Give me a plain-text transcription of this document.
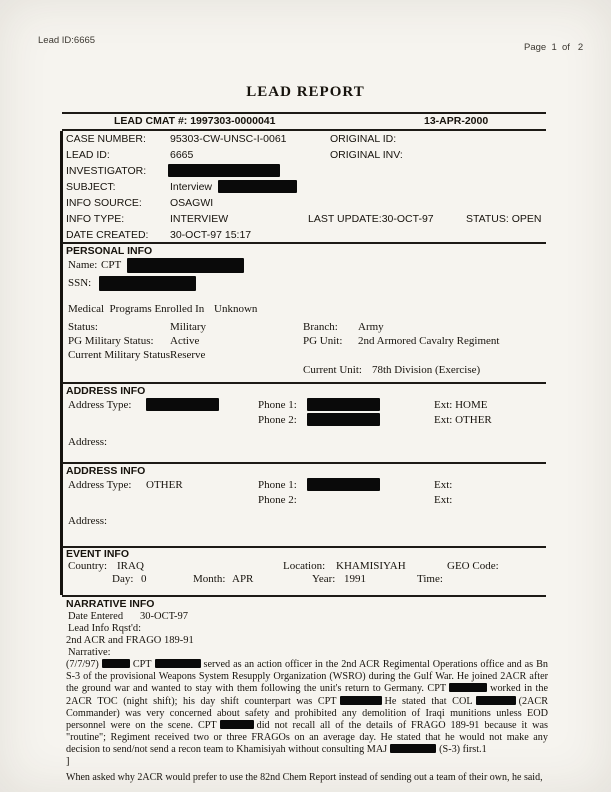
Lead ID:6665
Page  1  of   2
LEAD REPORT
LEAD CMAT #: 1997303-0000041	13-APR-2000
CASE NUMBER: 95303-CW-UNSC-I-0061	ORIGINAL ID:
LEAD ID:	6665	ORIGINAL INV:
INVESTIGATOR:
SUBJECT:	Interview
INFO SOURCE:	OSAGWI
INFO TYPE:	INTERVIEW	LAST UPDATE:30-OCT-97	STATUS: OPEN
DATE CREATED: 30-OCT-97 15:17
PERSONAL INFO
Name: CPT
SSN:
Medical  Programs Enrolled In Unknown
Status:	Military	Branch: Army
PG Military Status: Active	PG Unit: 2nd Armored Cavalry Regiment
Current Military Status Reserve
Current Unit: 78th Division (Exercise)
ADDRESS INFO
Address Type:	Phone 1:	Ext: HOME
Phone 2:	Ext: OTHER
Address:
ADDRESS INFO
Address Type: OTHER	Phone 1:	Ext:
Phone 2:	Ext:
Address:
EVENT INFO
Country: IRAQ	Location: KHAMISIYAH	GEO Code:
Day: 0	Month: APR	Year: 1991	Time:
NARRATIVE INFO
Date Entered 30-OCT-97
Lead Info Rqst'd:
2nd ACR and FRAGO 189-91
Narrative:
(7/7/97)	CPT	served as an action officer in the 2nd ACR Regimental Operations office and as Bn S-3 of the provisional Weapons System Resupply Organization (WSRO) during the Gulf War. He joined 2ACR after the ground war and wanted to stay with them following the unit's return to Germany. CPT	worked in the 2ACR TOC (night shift); his day shift counterpart was CPT	He stated that COL	(2ACR Commander) was very concerned about safety and prohibited any demolition of Iraqi munitions unless EOD personnel were on the scene. CPT	did not recall all of the details of FRAGO 189-91 because it was "routine"; Regiment received two or three FRAGOs on an average day. He stated that he would not make any decision to send/not send a recon team to Khamisiyah without consulting MAJ	(S-3) first.1
]
When asked why 2ACR would prefer to use the 82nd Chem Report instead of sending out a team of their own, he said,
